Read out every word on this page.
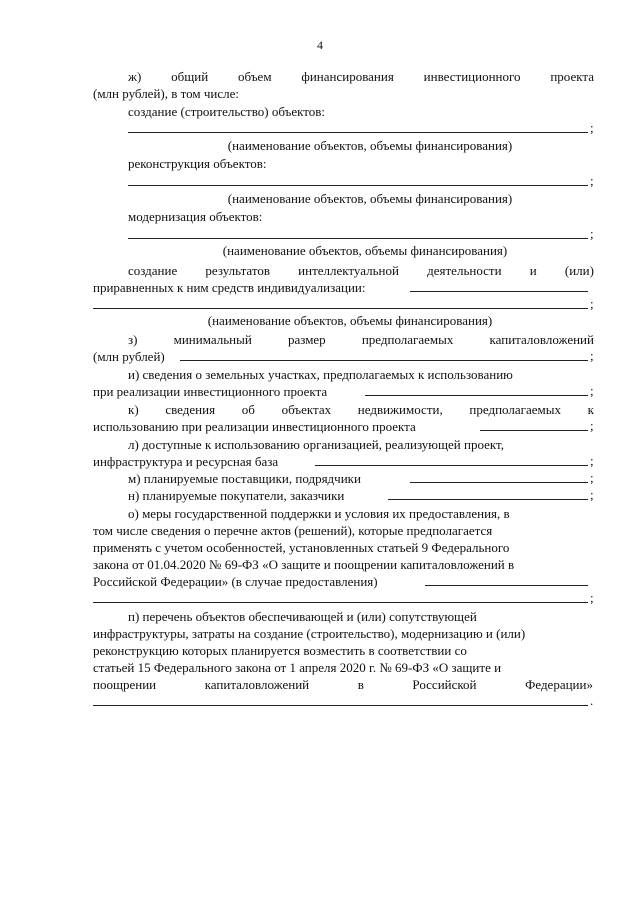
4
ж) общий объем финансирования инвестиционного проекта
(млн рублей), в том числе:
создание (строительство) объектов:
;
(наименование объектов, объемы финансирования)
реконструкция объектов:
;
(наименование объектов, объемы финансирования)
модернизация объектов:
;
(наименование объектов, объемы финансирования)
создание результатов интеллектуальной деятельности и (или)
приравненных к ним средств индивидуализации:
;
(наименование объектов, объемы финансирования)
з)	минимальный	размер	предполагаемых	капиталовложений
(млн рублей)	;
и) сведения о земельных участках, предполагаемых к использованию
при реализации инвестиционного проекта	;
к) сведения об объектах недвижимости, предполагаемых к
использованию при реализации инвестиционного проекта	;
л) доступные к использованию организацией, реализующей проект,
инфраструктура и ресурсная база	;
м) планируемые поставщики, подрядчики	;
н) планируемые покупатели, заказчики	;
о) меры государственной поддержки и условия их предоставления, в
том числе сведения о перечне актов (решений), которые предполагается
применять с учетом особенностей, установленных статьей 9 Федерального
закона от 01.04.2020 № 69-ФЗ «О защите и поощрении капиталовложений в
Российской Федерации» (в случае предоставления)
;
п) перечень объектов обеспечивающей и (или) сопутствующей
инфраструктуры, затраты на создание (строительство), модернизацию и (или)
реконструкцию которых планируется возместить в соответствии со
статьей 15 Федерального закона от 1 апреля 2020 г. № 69-ФЗ «О защите и
поощрении	капиталовложений	в	Российской	Федерации»
.
